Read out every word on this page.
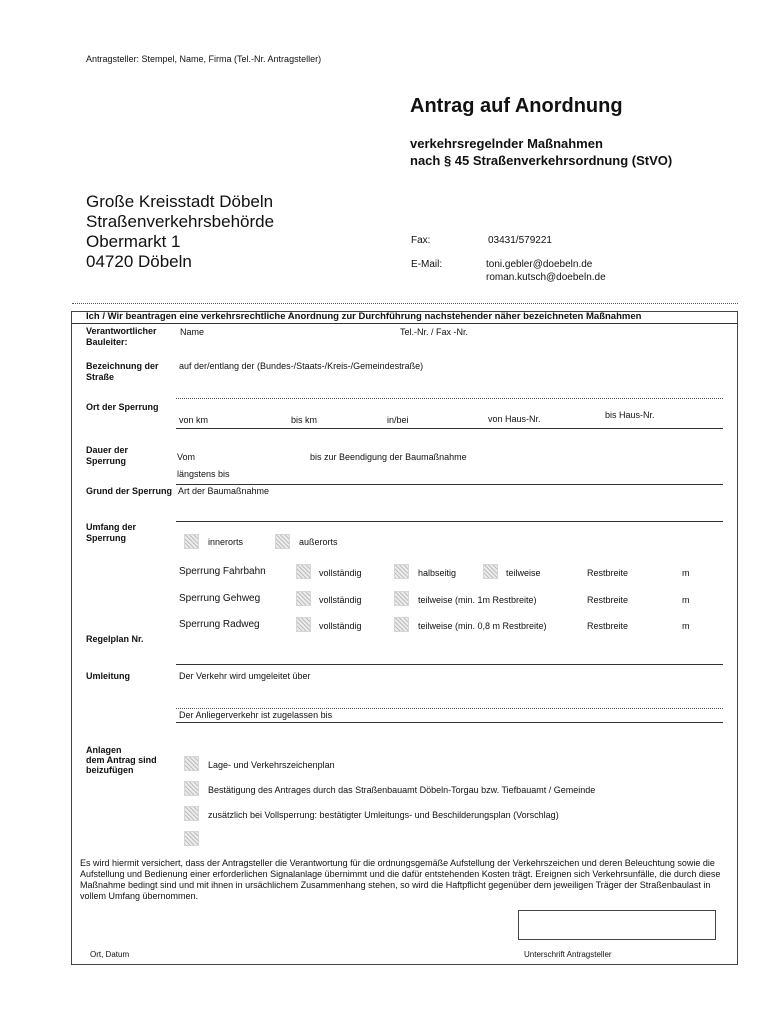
Antragsteller: Stempel, Name, Firma (Tel.-Nr. Antragsteller)
Antrag auf Anordnung
verkehrsregelnder Maßnahmen
nach § 45 Straßenverkehrsordnung (StVO)
Große Kreisstadt Döbeln
Straßenverkehrsbehörde
Obermarkt 1
04720 Döbeln
Fax:	03431/579221
E-Mail:	toni.gebler@doebeln.de
roman.kutsch@doebeln.de
Ich / Wir beantragen eine verkehrsrechtliche Anordnung zur Durchführung nachstehender näher bezeichneten Maßnahmen
Verantwortlicher
Bauleiter:
Name	Tel.-Nr. / Fax -Nr.
Bezeichnung der
Straße
auf der/entlang der (Bundes-/Staats-/Kreis-/Gemeindestraße)
Ort der Sperrung
von km	bis km	in/bei	von Haus-Nr.	bis Haus-Nr.
Dauer der
Sperrung	Vom	bis zur Beendigung der Baumaßnahme
längstens bis
Grund der Sperrung Art der Baumaßnahme
Umfang der
Sperrung	innerorts	außerorts
Sperrung Fahrbahn	vollständig	halbseitig	teilweise	Restbreite	m
Sperrung Gehweg	vollständig	teilweise (min. 1m Restbreite)	Restbreite	m
Sperrung Radweg	vollständig	teilweise (min. 0,8 m Restbreite)	Restbreite	m
Regelplan Nr.
Umleitung	Der Verkehr wird umgeleitet über
Der Anliegerverkehr ist zugelassen bis
Anlagen
dem Antrag sind
beizufügen	Lage- und Verkehrszeichenplan
Bestätigung des Antrages durch das Straßenbauamt Döbeln-Torgau bzw. Tiefbauamt / Gemeinde
zusätzlich bei Vollsperrung: bestätigter Umleitungs- und Beschilderungsplan (Vorschlag)
Es wird hiermit versichert, dass der Antragsteller die Verantwortung für die ordnungsgemäße Aufstellung der Verkehrszeichen und deren Beleuchtung sowie die
Aufstellung und Bedienung einer erforderlichen Signalanlage übernimmt und die dafür entstehenden Kosten trägt. Ereignen sich Verkehrsunfälle, die durch diese
Maßnahme bedingt sind und mit ihnen in ursächlichem Zusammenhang stehen, so wird die Haftpflicht gegenüber dem jeweiligen Träger der Straßenbaulast in
vollem Umfang übernommen.
Ort, Datum	Unterschrift Antragsteller
